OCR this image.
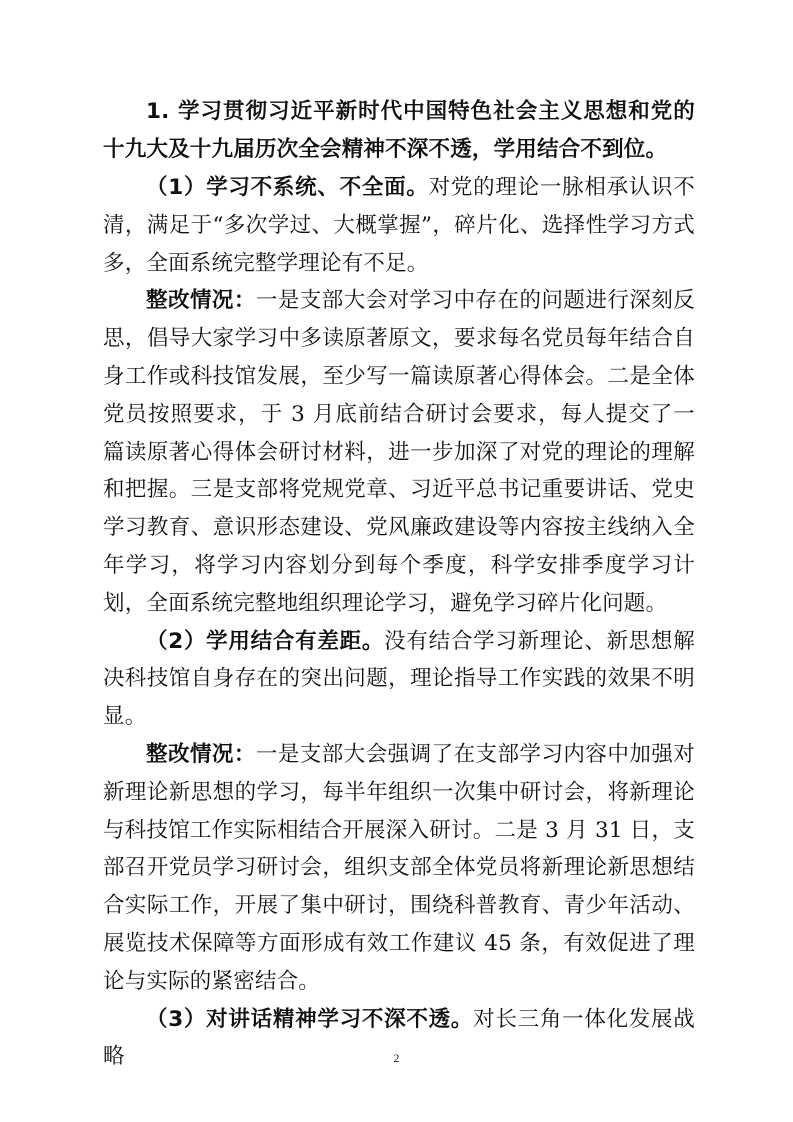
1. 学习贯彻习近平新时代中国特色社会主义思想和党的十九大及十九届历次全会精神不深不透，学用结合不到位。

（1）学习不系统、不全面。对党的理论一脉相承认识不清，满足于“多次学过、大概掌握”，碎片化、选择性学习方式多，全面系统完整学理论有不足。

整改情况：一是支部大会对学习中存在的问题进行深刻反思，倡导大家学习中多读原著原文，要求每名党员每年结合自身工作或科技馆发展，至少写一篇读原著心得体会。二是全体党员按照要求，于 3 月底前结合研讨会要求，每人提交了一篇读原著心得体会研讨材料，进一步加深了对党的理论的理解和把握。三是支部将党规党章、习近平总书记重要讲话、党史学习教育、意识形态建设、党风廉政建设等内容按主线纳入全年学习，将学习内容划分到每个季度，科学安排季度学习计划，全面系统完整地组织理论学习，避免学习碎片化问题。

（2）学用结合有差距。没有结合学习新理论、新思想解决科技馆自身存在的突出问题，理论指导工作实践的效果不明显。

整改情况：一是支部大会强调了在支部学习内容中加强对新理论新思想的学习，每半年组织一次集中研讨会，将新理论与科技馆工作实际相结合开展深入研讨。二是 3 月 31 日，支部召开党员学习研讨会，组织支部全体党员将新理论新思想结合实际工作，开展了集中研讨，围绕科普教育、青少年活动、展览技术保障等方面形成有效工作建议 45 条，有效促进了理论与实际的紧密结合。

（3）对讲话精神学习不深不透。对长三角一体化发展战略	2
